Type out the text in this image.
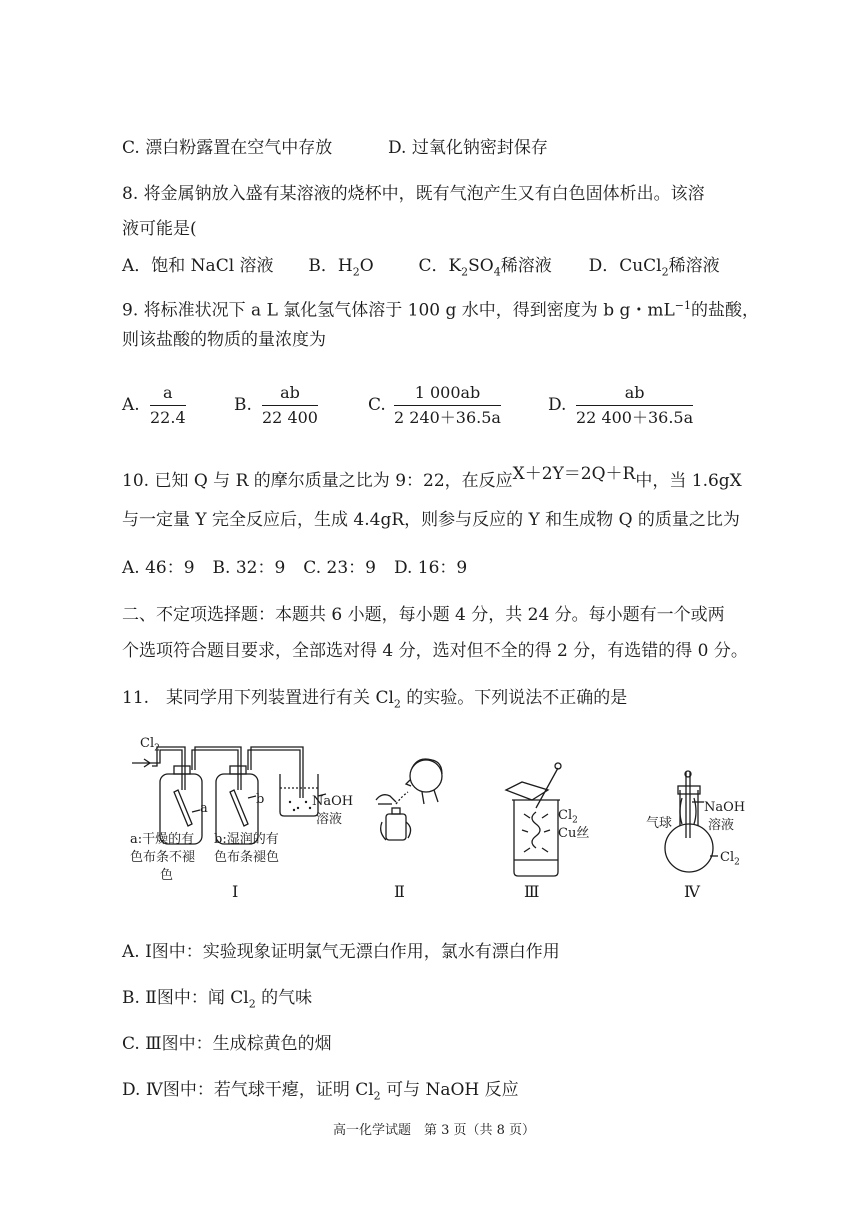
C. 漂白粉露置在空气中存放	D. 过氧化钠密封保存
8. 将金属钠放入盛有某溶液的烧杯中，既有气泡产生又有白色固体析出。该溶
液可能是(
A．饱和 NaCl 溶液 B．$H_2O$	C．$K_2SO_4$稀溶液 D．CuCl$_2$稀溶液
9. 将标准状况下 a L 氯化氢气体溶于 100 g 水中，得到密度为 b g・$mL^{-1}$的盐酸，
则该盐酸的物质的量浓度为
A.
a
22.4
B.
ab
22 400
C.
1 000ab
2 240＋36.5a
D.
ab
22 400＋36.5a
10. 已知 Q 与 R 的摩尔质量之比为 9：22，在反应X＋2Y＝2Q＋R中，当 1.6gX
与一定量 Y 完全反应后，生成 4.4gR，则参与反应的 Y 和生成物 Q 的质量之比为
A. 46：9 B. 32：9 C. 23：9 D. 16：9
二、不定项选择题：本题共 6 小题，每小题 4 分，共 24 分。每小题有一个或两
个选项符合题目要求，全部选对得 4 分，选对但不全的得 2 分，有选错的得 0 分。
11.　某同学用下列装置进行有关 $Cl_2$ 的实验。下列说法不正确的是
$Cl_2$
a
b	NaOH
溶液
a:干燥的有
色布条不褪
色
b:湿润的有
色布条褪色
Ⅰ	Ⅱ
$Cl_2$
Cu丝
Ⅲ
气球
NaOH
溶液
$Cl_2$
Ⅳ
A. Ⅰ图中：实验现象证明氯气无漂白作用，氯水有漂白作用
B. Ⅱ图中：闻 $Cl_2$ 的气味
C. Ⅲ图中：生成棕黄色的烟
D. Ⅳ图中：若气球干瘪，证明 $Cl_2$ 可与 NaOH 反应
高一化学试题　第 3 页（共 8 页）
